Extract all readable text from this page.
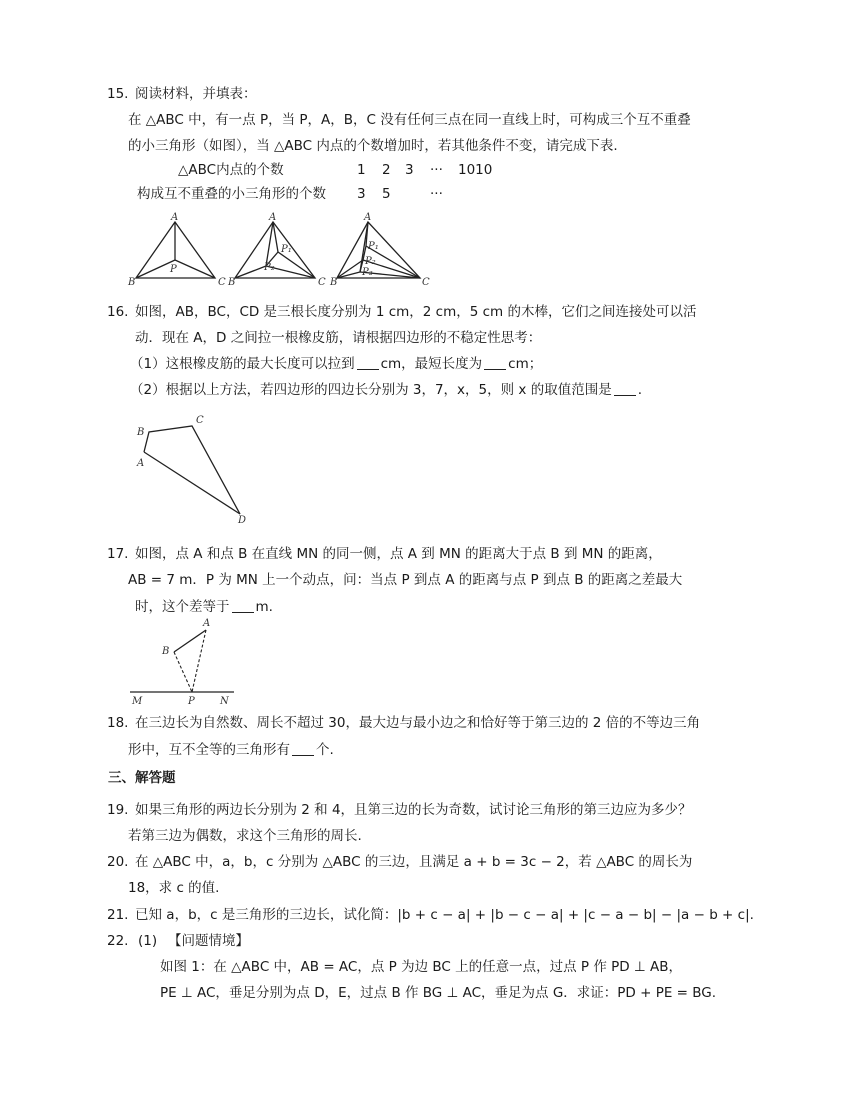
15. 阅读材料，并填表：
在 △ABC 中，有一点 P，当 P，A，B，C 没有任何三点在同一直线上时，可构成三个互不重叠
的小三角形（如图），当 △ABC 内点的个数增加时，若其他条件不变，请完成下表.
△ABC内点的个数	1 2 3 ··· 1010
构成互不重叠的小三角形的个数 3 5	···
A
B	C
P
A
B	C
P₁
P₂
A
B	C
P₁
P₂
P₃
16. 如图，AB，BC，CD 是三根长度分别为 1 cm，2 cm，5 cm 的木棒，它们之间连接处可以活
动．现在 A，D 之间拉一根橡皮筋，请根据四边形的不稳定性思考：
（1）这根橡皮筋的最大长度可以拉到 cm，最短长度为 cm；
（2）根据以上方法，若四边形的四边长分别为 3，7，x，5，则 x 的取值范围是 .
B
C
A
D
17. 如图，点 A 和点 B 在直线 MN 的同一侧，点 A 到 MN 的距离大于点 B 到 MN 的距离，
AB = 7 m．P 为 MN 上一个动点，问：当点 P 到点 A 的距离与点 P 到点 B 的距离之差最大
时，这个差等于 m.
A
B
M	P	N
18. 在三边长为自然数、周长不超过 30，最大边与最小边之和恰好等于第三边的 2 倍的不等边三角
形中，互不全等的三角形有 个.
三、解答题
19. 如果三角形的两边长分别为 2 和 4，且第三边的长为奇数，试讨论三角形的第三边应为多少？
若第三边为偶数，求这个三角形的周长.
20. 在 △ABC 中，a，b，c 分别为 △ABC 的三边，且满足 a + b = 3c − 2，若 △ABC 的周长为
18，求 c 的值.
21. 已知 a，b，c 是三角形的三边长，试化简：|b + c − a| + |b − c − a| + |c − a − b| − |a − b + c|.
22. (1) 【问题情境】
如图 1：在 △ABC 中，AB = AC，点 P 为边 BC 上的任意一点，过点 P 作 PD ⊥ AB，
PE ⊥ AC，垂足分别为点 D，E，过点 B 作 BG ⊥ AC，垂足为点 G．求证：PD + PE = BG.
